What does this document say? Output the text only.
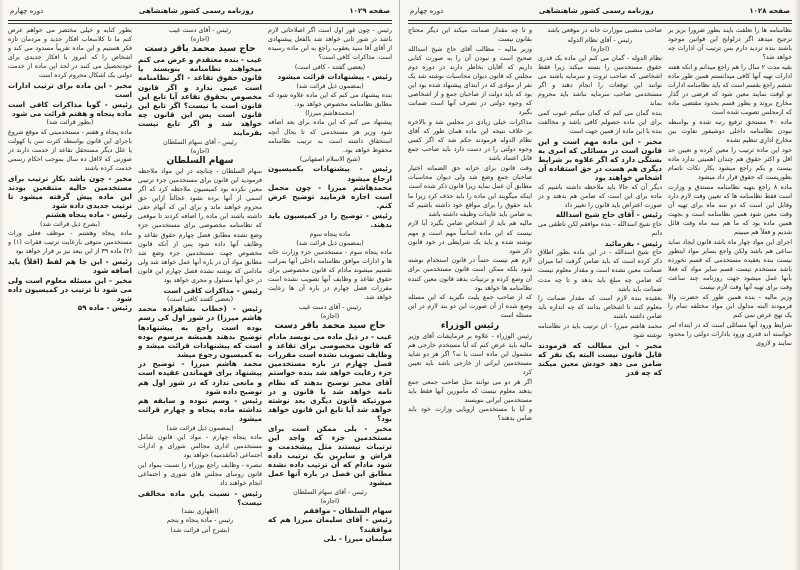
صفحه ۱۰۲۹
روزنامه رسمی کشور شاهنشاهی
دوره چهارم

رئیس - چون غور اول است اگر اصلاحاتی لازم باشد در شور ثانی خواهد شد بالفعل پیشنهادی از آقای آقا سید یعقوب راجع به این ماده رسیده است. مذاکرات کافی است؟

(بعضی گفتند - کافی است)

رئیس - پیشنهادات قرائت میشود

(بمضمون ذیل قرائت شد)

بنده پیشنهاد می کنم که این ماده علاوه شود که مطابق نظامنامه مخصوص خواهد بود.

(محمدهاشم میرزا)

پیشنهاد می کنم که این ماده برای بعد اضافه شود وزیر هر مستخدمی که تا بحال آنچه استحقاق داشته است به ترتیب نظامنامه محفوظ خواهد بود.

(شیخ الاسلام اصفهانی)

رئیس - پیشنهادات بکمیسیون ارجاع میشود

محمدهاشم میرزا - چون مجمل است اجازه فرمایید توضیح عرض کنم.

رئیس - توضیح را در کمیسیون باید بدهند.

ماده پنجاه سوم
(بمضمون ذیل قرائت شد)

ماده پنجاه سوم - مستخدمین جزء وزارت خانه ها و ادارات موافق نظامنامه داخلی آنها بمراتب تقسیم میشوند مادام که قانون مخصوصی برای حقوق تقاعد و وظایف آنها تصویب نشده است مقررات فصل چهارم در باره آن ها رعایت خواهد شد.

رئیس - آقای دست غیب
(اجازه)
حاج سید محمد باقر دست

غیب - در ذیل ماده می نویسد مادام که قانون مخصوصی برای تقاعد و وظایف تصویب نشده است مقررات فصل چهارم در باره مستخدمین جزء رعایت خواهد شد بنده خواستم آقای مخبر توضیح بدهند که نظام نامه خواهد شد یا قانون و در صورتیکه قانون دیگری بعد نوشته خواهد شد آیا تابع این قانون خواهد بود؟

مخبر - بلی ممکن است برای مستخدمین جزء که واجد این ترتیبات نیستند مثل پیشخدمت و فراش و سایرین یک ترتیب داده شود مادام که آن ترتیب داده نشده مطابق این فصل در باره آنها عمل میشود

رئیس - آقای سهام السلطان
(اجازه)

سهام السلطان - موافقم

رئیس - آقای سلیمان میرزا هم که موافقند؟

سلیمان میرزا - بلی

رئیس - آقای دست غیب
(اجازه)
حاج سید محمد باقر دست

غیب - بنده معتقدم و عرض می کنم میخواهند نظامنامه بنویسند یا قانون حقوق تقاعد - اگر نظامنامه است عیبی ندارد و اگر قانون مخصوص بحقوق تقاعد آیا تابع این قانون است یا نیست؟ اگر تابع این قانون است پس این قانون چه خواهد شد و اگر تابع نیست بفرمایند

رئیس - آقای سهام السلطان
(اجازه)
سهام السلطان

سهام السلطان - چنانچه در این مواد ملاحظه فرمودید این قانون برای مستخدمین جزء ترتیبی معین نکرده بود کمیسیون ملاحظه کرد که اگر اسمی از آنها برده نشود عجالتاً ازاین حق محروم خواهند ماند و برای این که آنهام حقی داشته باشند این ماده را اضافه کردند تا موقعی که نظامنامه مخصوصی برای مستخدمین جزء وضع نشده مطابق فصل چهارم حقوق تقاعد و وظایف آنها داده شود پس از آنکه قانون مخصوص جهت مستخدمین جزء وضع شد مطابق مواد آن در باره آنها عمل خواهد شد ولی مادامی که نوشته نشده فصل چهارم این قانون در حق آنها مسئول و مجری خواهد بود

رئیس - مذاکرات کافی است

(بعضی گفتند کافی است)

رئیس - (خطاب بشاهزاده محمد هاشم میرزا) در شور اول کی رسم بوده است راجع به پیشنهادها توضیح بدهند همیشه مرسوم بوده است که پیشنهادات قرائت میشد و به کمیسیون رجوع میشد

محمد هاشم میرزا - توضیح در پیشنهاد برای فهماندن عقیده است و مانعی ندارد که در شور اول هم توضیح داده شود

رئیس - وسم نبوده و سابقه هم نداشته ماده پنجاه و چهارم قرائت میشود

(بمضمون ذیل قرائت شد)

ماده پنجاه چهارم - مواد این قانون شامل مستخدمین اداری مجالس شورای و ادارات اجتماعی (ماتقدمیه) خواهد بود

تبصره - وظایف راجع بوزراء را نسبت بمواد این قانون روسای مجلس های شوری و اجتماعی انجام خواهند داد

رئیس - نسبت باین ماده مخالفی نیست؟

(اظهاری نشد)
رئیس - ماده پنجاه و پنجم
(بشرح آتی قرائت شد)

بطور کنایه و خیلی مختصر می خواهم عرض کنم ما تا کلاسعاب افکار جدید و مردمان تازه فکر هستیم و این ماده تقریباً مسدود می کند و اشخاص را که امروز با افکار جدیدی برای خودتحصیل می کنند در لحد این ماده از خدمت دولتی یک اشکال محروم کرده است

مخبر - این ماده برای ترتیب ادارات است

رئیس - گویا مذاکرات کافی است ماده پنجاه و هفتم قرائت می شود

(بطور قرائت شد)

ماده پنجاه و هفتم - مستخدمینی که موقع شروع باجرای این قانون بواسطه کثرت سن یا کهولت یا علل دیگر مستحقل تقاعد از خدمت دارند در صورتی که لااقل ده سال بموجب احکام رسمی خدمت کرده باشند

مخبر - چون باشد بکار ترتیب برای مستخدمین حالیه متنفعین بودند این ماده پیش گرفته میشود تا ترتیب جدیدی داده شود

رئیس - ماده پنجاه هشتم

(بشرح ذیل قرائت شد)

ماده پنجاه وهشتم - موظف فعلی وراث مستخدمین متوفی بارعایت ترتیب فقرات (۱) و (۲) ماده ۳۹ از این ببعد نیز بر قرار خواهد بود

رئیس - این جا هم لفظ (اقلاً) باید اضافه شود

مخبر - این مسئله معلوم است ولی می شود تا ترتیب در کمیسیون داده شود

رئیس - ماده ۵۹

صفحه ۱۰۲۸
روزنامه رسمی کشور شاهنشاهی
دوره چهارم

نظامنامه ها را تعلقت بایند بطور ضرورا بریز بر ترجیح میدهد اگر درلوایح این قوانین موجود باشند بنده تردید دارم بس ترتیب آن ادارات چه خواهد شد؟

بقیه مدت ۲ سال را هم راجع میدانم و انکه هفته ادارات تهیه آنها کافی میدانستم همین طور ماده ششم راجع بقسم است که باید نظامنامه ادارات تو اوقت نمایند معین شود که قرضی در گذار مخارج بروند و بطور قسم بحدود مقتضی ماده که ازمجلس تصویب شده است

ماده ۴۰ مستحق ترفیع رتبه شده و بواسطه نبودن نظامنامه داخلی دوشیفور تفاوت بین مخارج اداری تنظیم نشده

خود این ماده ترتیب را معین کرده و تعیین حد اقل و اکثر حقوق هم چندان اهمیتی ندارد ماده بیست و یکم راجع میشود بکار نکات ناتمام بطوریست که حقوق قرار داد میشود

ماده ۸ راجع بتهیه نظامنامه مستدق و وزارت است فقط نظامنامه ها که تعیین وقت لازم دارد وقابل این است که دو سه ماه برای تهیه آن وقت معین شود همین نظامنامه است و بجهت همین ماده بود که ما هم سه ماه وقت قائل شدیم و فعلاً هم میبینم

اجرای این مواد چهار ماه باشد قانون ایجاد نماید ساعی هم باشد ولکن واجع بسایر مواد اینطور نیست بنده بعقیده مستخدمی که قسم نخورده باشد مستخدم نیست قسم سایر مواد که فعلا بآنها عمل میشود جهت روزنامه چند ساعت وقت برای تهیه آنها وقت لازم نیست

وزیر مالیه - بنده همین طور که حضرت والا فرمودند البته مدلول این مواد مختلفه تمام را یک نهج عرض نمی کنم

شرایط ورود آنها مسائلی است که در ابتداء امر خواسته اند قدری ورود بادارات دولتی را محدود نمایند و لازوی

صاحب منصبی موزارت خانه در موقعی باشد

رئیس - آقای نظام الدوله
(اجازه)

نظام الدوله - گمان می کنم این ماده یک قدری حقوق مستخدمین را بسته میکند زیرا فقط اشخاصی که صاحب ثروت و سرمایه باشند می توانند این توقعات را انجام دهند و اگر مستخدمی صاحب سرمایه نباشد باید محروم بماند

بنده گمان می کنم که گمان میکنم عیوب کمی برای این ماده حصولم کافی باشد و مخالفت بنده با این ماده از همین جهت است

مخبر - این ماده مهم است و این قانون است در مسائلی که امری به بستگی دارد که اگر علاوه بر شرایط دیگری هم هست در حق استفاده آن اشخاص خواهند بود

دیگر آن که حالا باید ملاحظه داشته باشیم که ماده برای این است که ضامن هم بدهند و در صورت اعتراض باید قانون را تغییر داد

رئیس - آقای حاج شیخ اسدالله

حاج شیخ اسدالله - بنده موافقم لکن ناطقی می دانم

رئیس - بفرمائید

حاج شیخ اسدالله - در این ماده بطور اطلاق ذکر کرده است که باید ضامن گرفت اما میزان ضمانت معین نشده است و مقدار معلوم نیست که ضامن چه مبلغ باید بدهد و تا چه مدت ضمانت باید باشد

بعقیده بنده لازم است که مقدار ضمانت را معلوم کنند تا اشخاص بدانند که چه اندازه باید ضامن داشته باشند

محمد هاشم میرزا - ان ترتیب باید در نظامنامه نوشته شود

مخبر - این مطالب که فرمودند قابل قانون نیست البته یک نفر که ضامن می دهد خودش معین میکند که چه قدر

و تا چه مقدار ضمانت میکند این دیگر محتاج بقانون نیست

وزیر مالیه - مطالب آقای حاج شیخ اسدالله صحیح است و نبودن آن را به صورت کتابی داریم که آقایان بخاطر دارند در دوره دوم مجلس که قانون دیوان محاسبات نوشته شد یک نفر از موادی که در ابتدای پیشنهاد شده بود این بود که باید دولت از صاحبان جمع و از اشخاصی که وجوه دولتی در تصرف آنها است ضمانت بگیرد

مذاکرات خیلی زیادی در مجلس شد و بالاخره بر خلاف نتیجه این ماده همان طور که آقای نظام الدوله فرمودند حکم شد که اگر کسی وجوه دولتی را در دست دارد باید صاحب جمع قابل اعتماد باشد

وقت قانون برای خزانه حق الضمانه اختیار صاحبان جمع وضع شد ولی دیوان محاسبات مطابق آن عمل نماید زیرا قانون ذکر شده است

اینکه میگویند این ماده را باید حذف کرد زیرا ما باید حقوق را برای مواقع خود داشته باشیم که به ضامن باید عایدات وظیفه داشته باشد

مالیه هم باید از اشخاص ضامن بگیرد آیا لازم نیست که این ماده اساساً مهم است و مهم نوشته شده و باید یک شرایطی در خود قانون ذکر شود

لازم هم نیست حتماً در قانون استخدام نوشته شود بلکه ممکن است قانون مستخدمین برای آن وضع کرده و ترتیبات بدهد قانون معین کننده نظامنامه ها خواهد بود

که از صاحب جمع بلیت نگیرید که این مسئله وضع شده از آن صورت این دو بند لازم در این مسئله است

رئیس الوزراء

رئیس الوزراء - علاوه بر فرمایشات آقای وزیر مالیه باید عرض کنم که آیا مستخدم خارجی هم مشمول این ماده است یا نه؟ اگر هر دو شاید مستخدمین ایرانی از خارجی باشد باید تعیین کرد

اگر هر دو می توانند مثل صاحب جمعی جمع بدهند معلوم نیست که مأمورین آنها فقط باید مستخدمین ایرانی بنویسند

و آیا با مستخدمین اروپایی وزارت خود باید ضامن بدهند؟
